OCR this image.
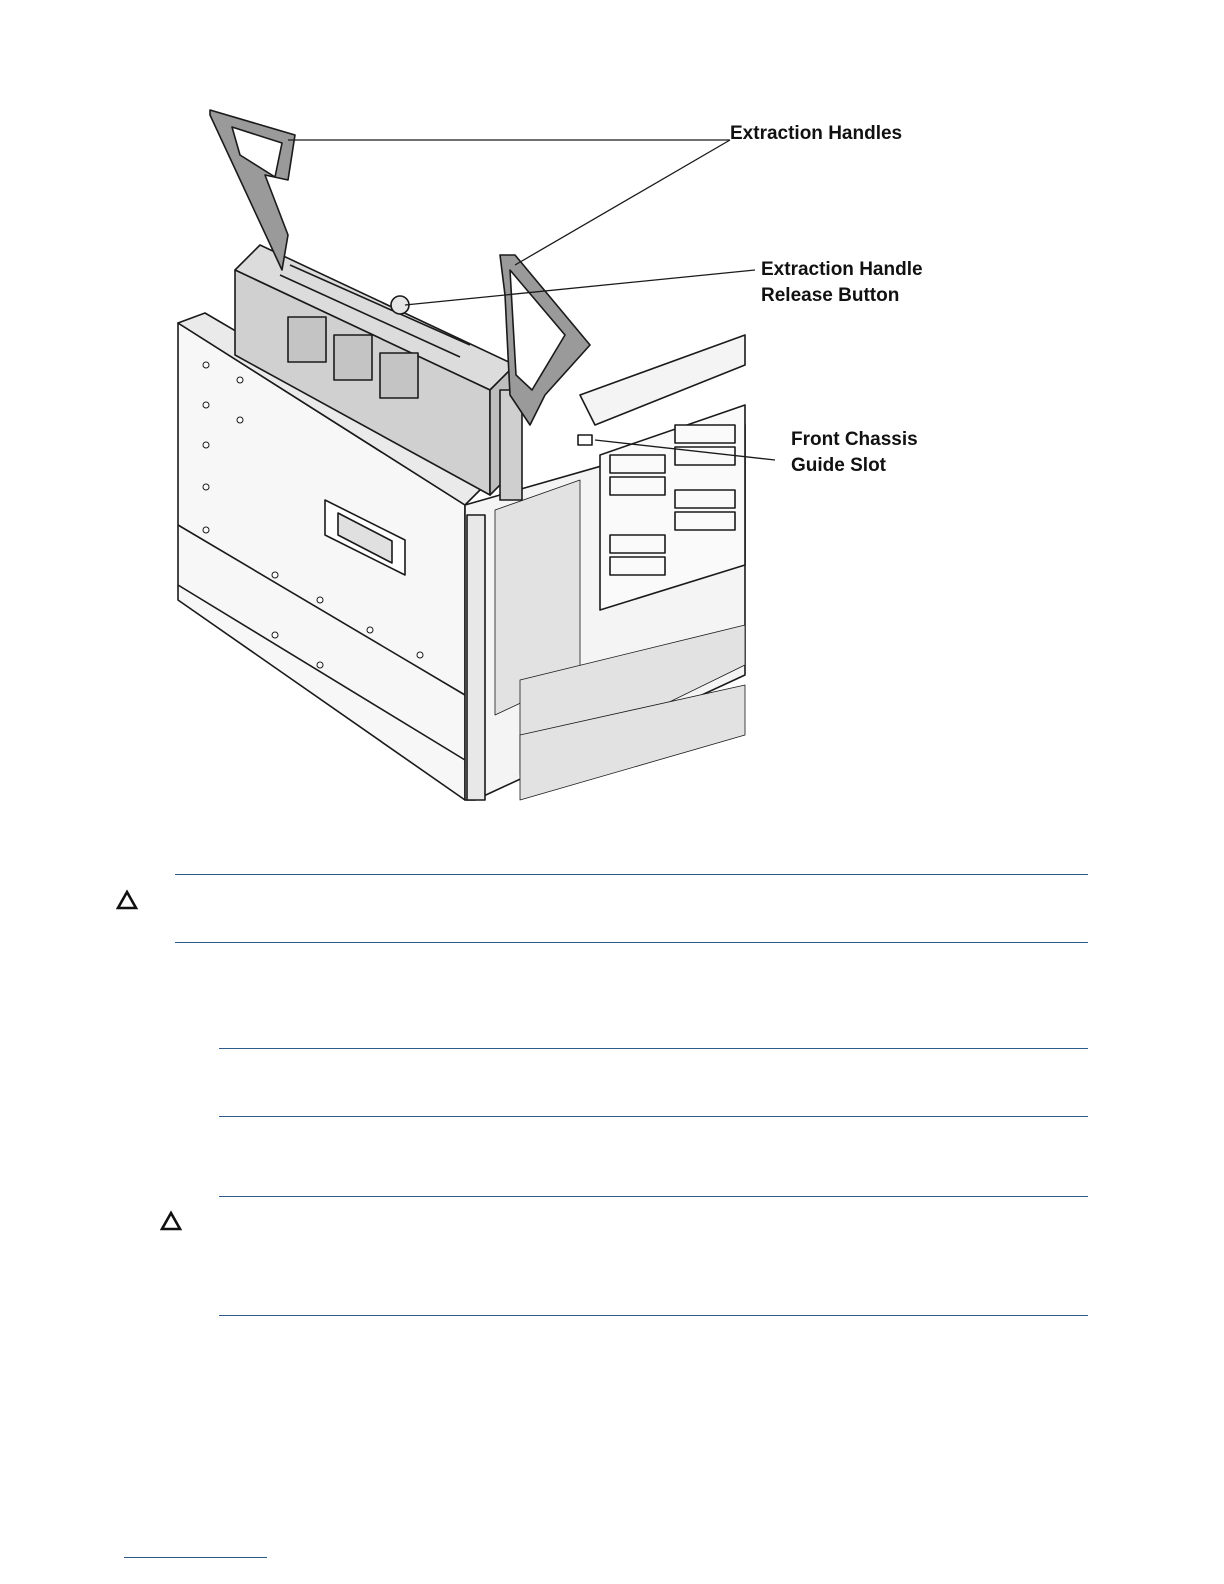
Extraction Handles
Extraction Handle
Release Button
Front Chassis
Guide Slot
